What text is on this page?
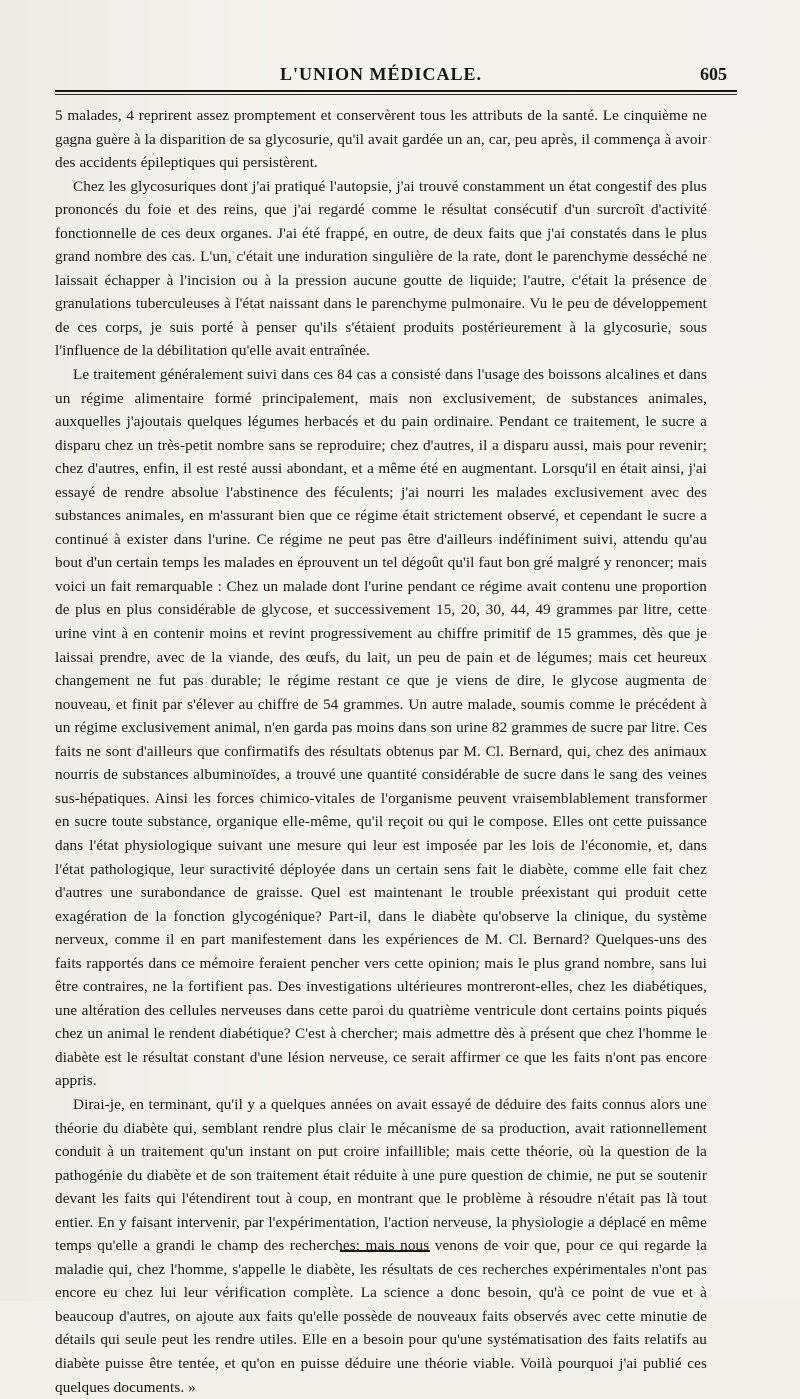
L'UNION MÉDICALE.	605

5 malades, 4 reprirent assez promptement et conservèrent tous les attributs de la santé. Le cinquième ne gagna guère à la disparition de sa glycosurie, qu'il avait gardée un an, car, peu après, il commença à avoir des accidents épileptiques qui persistèrent.

Chez les glycosuriques dont j'ai pratiqué l'autopsie, j'ai trouvé constamment un état congestif des plus prononcés du foie et des reins, que j'ai regardé comme le résultat consécutif d'un surcroît d'activité fonctionnelle de ces deux organes. J'ai été frappé, en outre, de deux faits que j'ai constatés dans le plus grand nombre des cas. L'un, c'était une induration singulière de la rate, dont le parenchyme desséché ne laissait échapper à l'incision ou à la pression aucune goutte de liquide; l'autre, c'était la présence de granulations tuberculeuses à l'état naissant dans le parenchyme pulmonaire. Vu le peu de développement de ces corps, je suis porté à penser qu'ils s'étaient produits postérieurement à la glycosurie, sous l'influence de la débilitation qu'elle avait entraînée.

Le traitement généralement suivi dans ces 84 cas a consisté dans l'usage des boissons alcalines et dans un régime alimentaire formé principalement, mais non exclusivement, de substances animales, auxquelles j'ajoutais quelques légumes herbacés et du pain ordinaire. Pendant ce traitement, le sucre a disparu chez un très-petit nombre sans se reproduire; chez d'autres, il a disparu aussi, mais pour revenir; chez d'autres, enfin, il est resté aussi abondant, et a même été en augmentant. Lorsqu'il en était ainsi, j'ai essayé de rendre absolue l'abstinence des féculents; j'ai nourri les malades exclusivement avec des substances animales, en m'assurant bien que ce régime était strictement observé, et cependant le sucre a continué à exister dans l'urine. Ce régime ne peut pas être d'ailleurs indéfiniment suivi, attendu qu'au bout d'un certain temps les malades en éprouvent un tel dégoût qu'il faut bon gré malgré y renoncer; mais voici un fait remarquable : Chez un malade dont l'urine pendant ce régime avait contenu une proportion de plus en plus considérable de glycose, et successivement 15, 20, 30, 44, 49 grammes par litre, cette urine vint à en contenir moins et revint progressivement au chiffre primitif de 15 grammes, dès que je laissai prendre, avec de la viande, des œufs, du lait, un peu de pain et de légumes; mais cet heureux changement ne fut pas durable; le régime restant ce que je viens de dire, le glycose augmenta de nouveau, et finit par s'élever au chiffre de 54 grammes. Un autre malade, soumis comme le précédent à un régime exclusivement animal, n'en garda pas moins dans son urine 82 grammes de sucre par litre. Ces faits ne sont d'ailleurs que confirmatifs des résultats obtenus par M. Cl. Bernard, qui, chez des animaux nourris de substances albuminoïdes, a trouvé une quantité considérable de sucre dans le sang des veines sus-hépatiques. Ainsi les forces chimico-vitales de l'organisme peuvent vraisemblablement transformer en sucre toute substance, organique elle-même, qu'il reçoit ou qui le compose. Elles ont cette puissance dans l'état physiologique suivant une mesure qui leur est imposée par les lois de l'économie, et, dans l'état pathologique, leur suractivité déployée dans un certain sens fait le diabète, comme elle fait chez d'autres une surabondance de graisse. Quel est maintenant le trouble préexistant qui produit cette exagération de la fonction glycogénique? Part-il, dans le diabète qu'observe la clinique, du système nerveux, comme il en part manifestement dans les expériences de M. Cl. Bernard? Quelques-uns des faits rapportés dans ce mémoire feraient pencher vers cette opinion; mais le plus grand nombre, sans lui être contraires, ne la fortifient pas. Des investigations ultérieures montreront-elles, chez les diabétiques, une altération des cellules nerveuses dans cette paroi du quatrième ventricule dont certains points piqués chez un animal le rendent diabétique? C'est à chercher; mais admettre dès à présent que chez l'homme le diabète est le résultat constant d'une lésion nerveuse, ce serait affirmer ce que les faits n'ont pas encore appris.

Dirai-je, en terminant, qu'il y a quelques années on avait essayé de déduire des faits connus alors une théorie du diabète qui, semblant rendre plus clair le mécanisme de sa production, avait rationnellement conduit à un traitement qu'un instant on put croire infaillible; mais cette théorie, où la question de la pathogénie du diabète et de son traitement était réduite à une pure question de chimie, ne put se soutenir devant les faits qui l'étendirent tout à coup, en montrant que le problème à résoudre n'était pas là tout entier. En y faisant intervenir, par l'expérimentation, l'action nerveuse, la physiologie a déplacé en même temps qu'elle a grandi le champ des recherches; mais nous venons de voir que, pour ce qui regarde la maladie qui, chez l'homme, s'appelle le diabète, les résultats de ces recherches expérimentales n'ont pas encore eu chez lui leur vérification complète. La science a donc besoin, qu'à ce point de vue et à beaucoup d'autres, on ajoute aux faits qu'elle possède de nouveaux faits observés avec cette minutie de détails qui seule peut les rendre utiles. Elle en a besoin pour qu'une systématisation des faits relatifs au diabète puisse être tentée, et qu'on en puisse déduire une théorie viable. Voilà pourquoi j'ai publié ces quelques documents. »
